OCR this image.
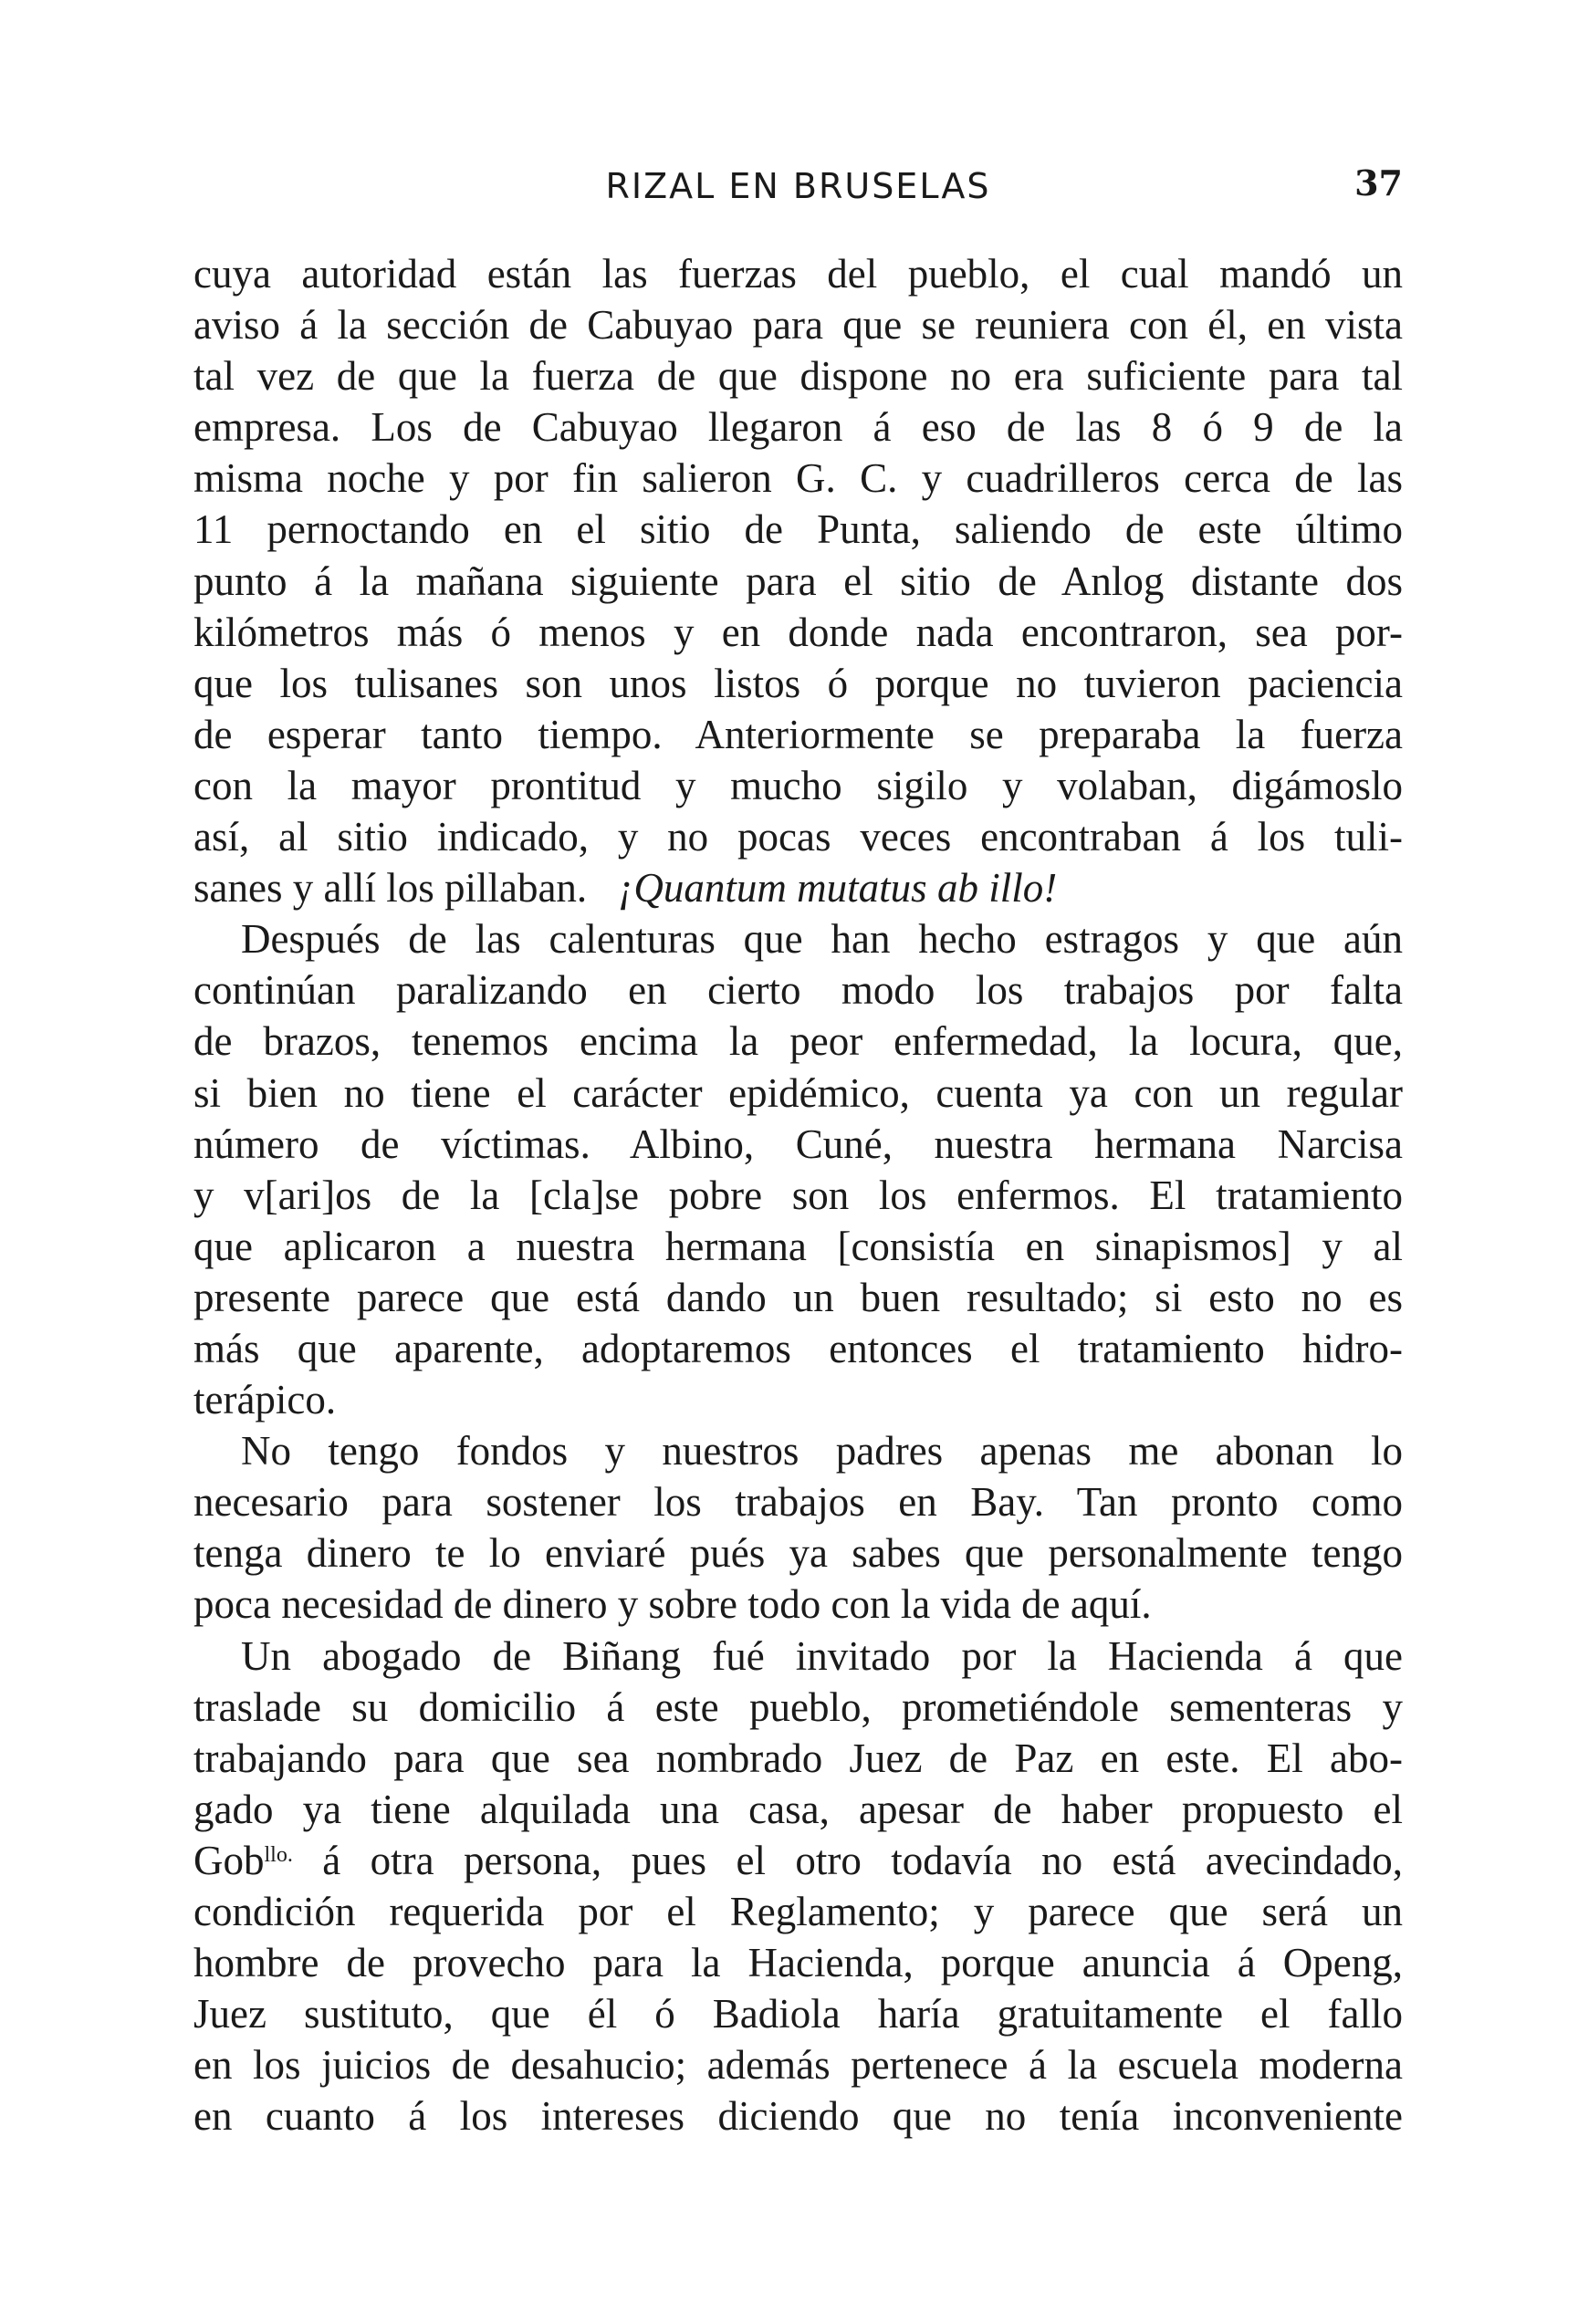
RIZAL EN BRUSELAS	37
cuya autoridad están las fuerzas del pueblo, el cual mandó un
aviso á la sección de Cabuyao para que se reuniera con él, en vista
tal vez de que la fuerza de que dispone no era suficiente para tal
empresa. Los de Cabuyao llegaron á eso de las 8 ó 9 de la
misma noche y por fin salieron G. C. y cuadrilleros cerca de las
11 pernoctando en el sitio de Punta, saliendo de este último
punto á la mañana siguiente para el sitio de Anlog distante dos
kilómetros más ó menos y en donde nada encontraron, sea por-
que los tulisanes son unos listos ó porque no tuvieron paciencia
de esperar tanto tiempo. Anteriormente se preparaba la fuerza
con la mayor prontitud y mucho sigilo y volaban, digámoslo
así, al sitio indicado, y no pocas veces encontraban á los tuli-
sanes y allí los pillaban. ¡Quantum mutatus ab illo!
Después de las calenturas que han hecho estragos y que aún
continúan paralizando en cierto modo los trabajos por falta
de brazos, tenemos encima la peor enfermedad, la locura, que,
si bien no tiene el carácter epidémico, cuenta ya con un regular
número de víctimas. Albino, Cuné, nuestra hermana Narcisa
y v[ari]os de la [cla]se pobre son los enfermos. El tratamiento
que aplicaron a nuestra hermana [consistía en sinapismos] y al
presente parece que está dando un buen resultado; si esto no es
más que aparente, adoptaremos entonces el tratamiento hidro-
terápico.
No tengo fondos y nuestros padres apenas me abonan lo
necesario para sostener los trabajos en Bay. Tan pronto como
tenga dinero te lo enviaré pués ya sabes que personalmente tengo
poca necesidad de dinero y sobre todo con la vida de aquí.
Un abogado de Biñang fué invitado por la Hacienda á que
traslade su domicilio á este pueblo, prometiéndole sementeras y
trabajando para que sea nombrado Juez de Paz en este. El abo-
gado ya tiene alquilada una casa, apesar de haber propuesto el
Gob$^{llo.}$ á otra persona, pues el otro todavía no está avecindado,
condición requerida por el Reglamento; y parece que será un
hombre de provecho para la Hacienda, porque anuncia á Openg,
Juez sustituto, que él ó Badiola haría gratuitamente el fallo
en los juicios de desahucio; además pertenece á la escuela moderna
en cuanto á los intereses diciendo que no tenía inconveniente
